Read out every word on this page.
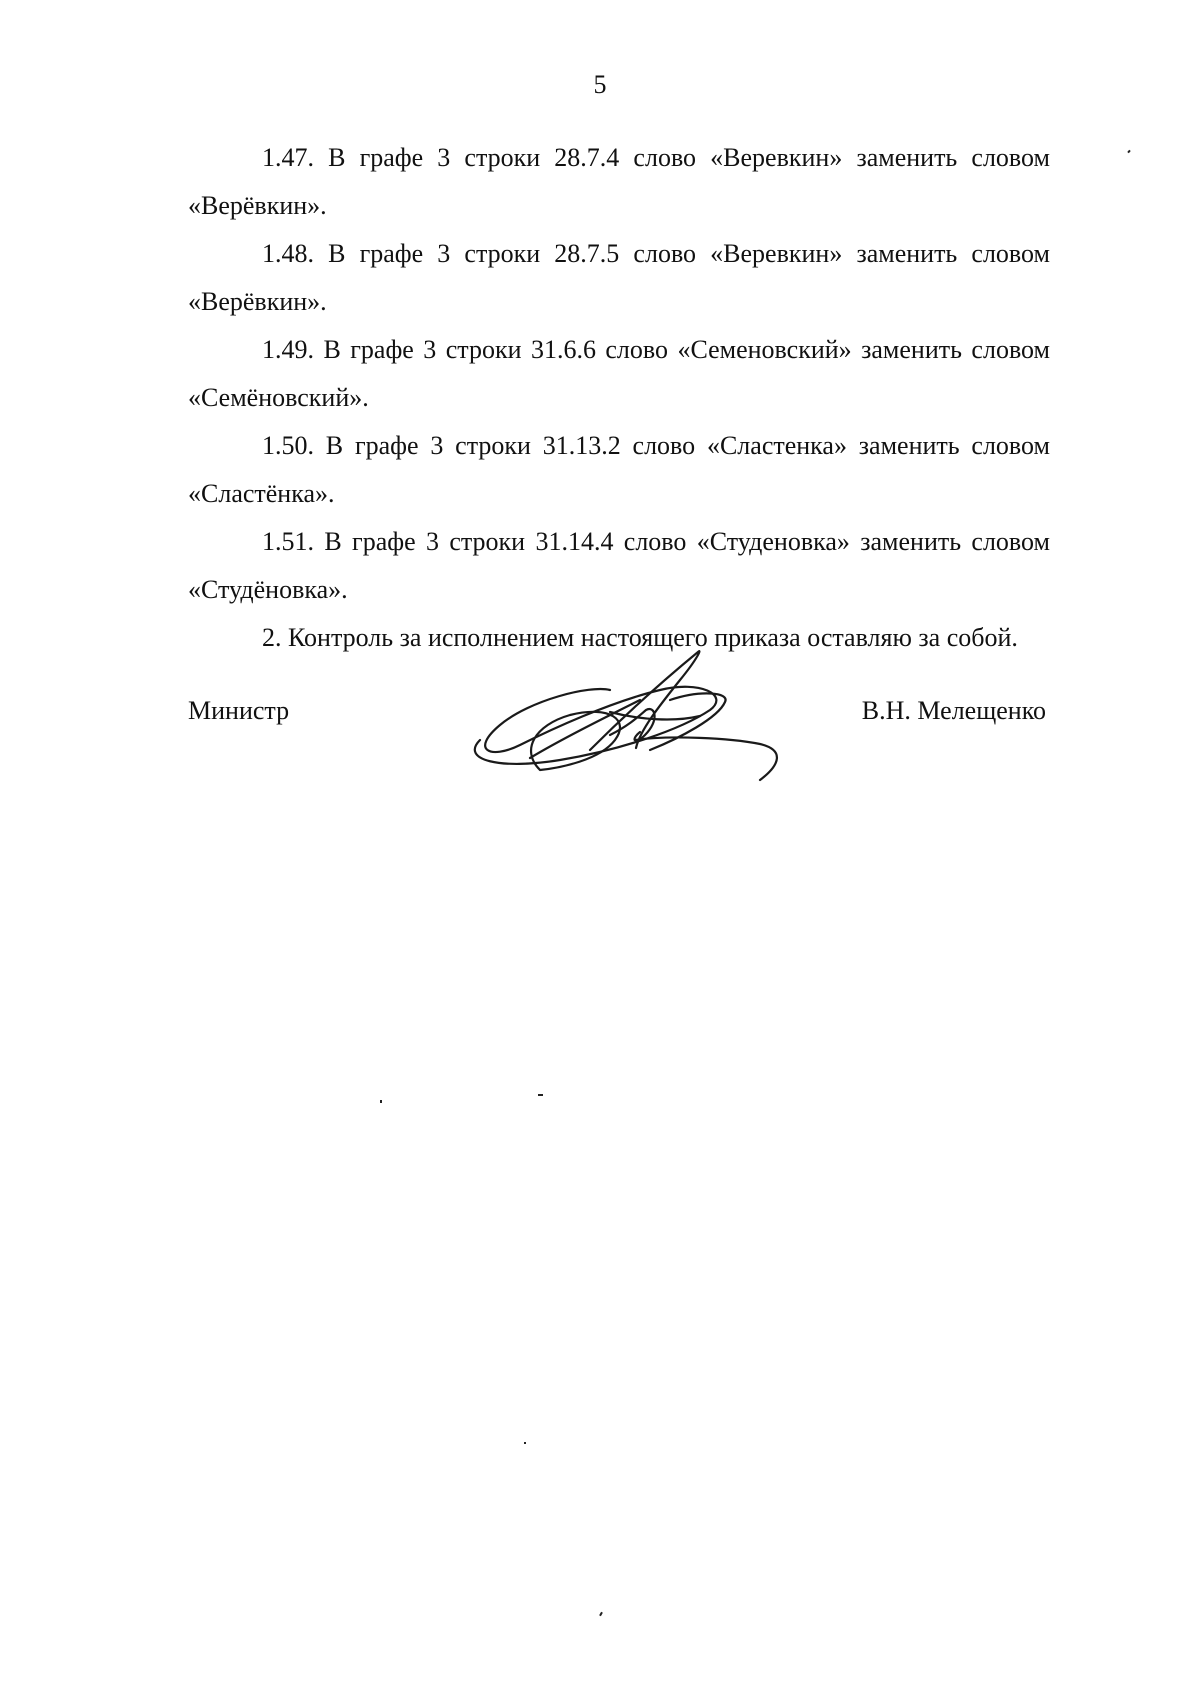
5

1.47. В графе 3 строки 28.7.4 слово «Веревкин» заменить словом
«Верёвкин».

1.48. В графе 3 строки 28.7.5 слово «Веревкин» заменить словом
«Верёвкин».

1.49. В графе 3 строки 31.6.6 слово «Семеновский» заменить словом
«Семёновский».

1.50. В графе 3 строки 31.13.2 слово «Сластенка» заменить словом
«Сластёнка».

1.51. В графе 3 строки 31.14.4 слово «Студеновка» заменить словом
«Студёновка».

2. Контроль за исполнением настоящего приказа оставляю за собой.

Министр	В.Н. Мелещенко
